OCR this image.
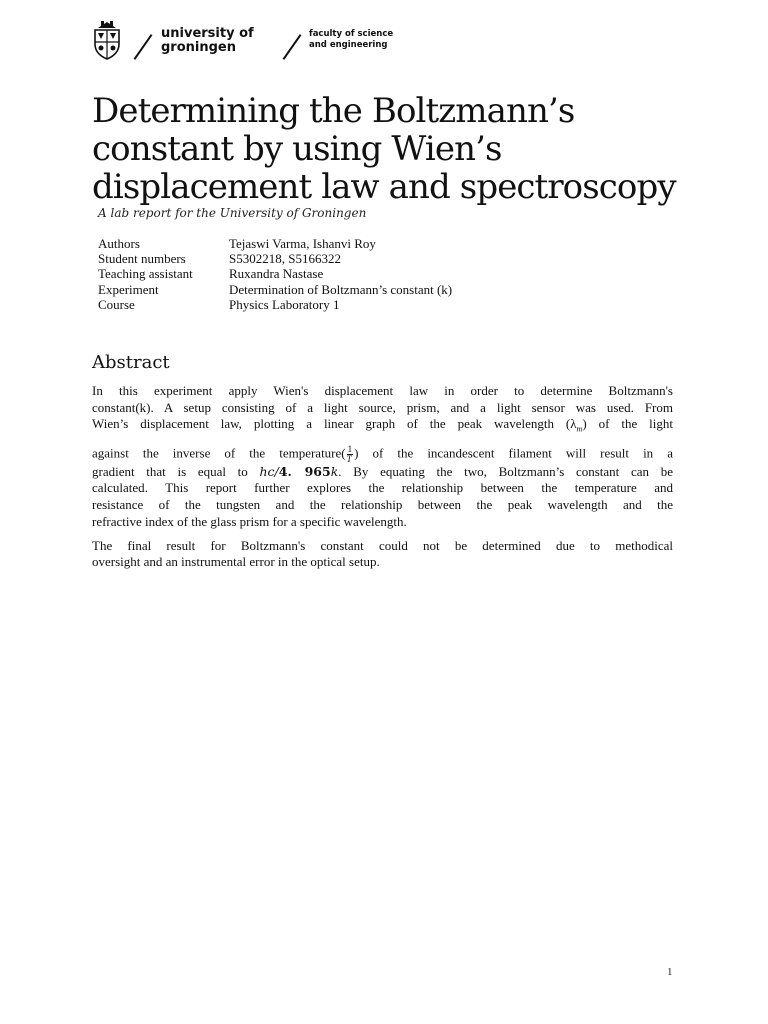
university of
groningen
faculty of science
and engineering
Determining the Boltzmann’s
constant by using Wien’s
displacement law and spectroscopy
A lab report for the University of Groningen
Authors	Tejaswi Varma, Ishanvi Roy
Student numbers	S5302218, S5166322
Teaching assistant	Ruxandra Nastase
Experiment	Determination of Boltzmann’s constant (k)
Course	Physics Laboratory 1
Abstract

In this experiment apply Wien's displacement law in order to determine Boltzmann's

constant(k). A setup consisting of a light source, prism, and a light sensor was used. From

Wien’s displacement law, plotting a linear graph of the peak wavelength $(\lambda_m)$ of the light

against the inverse of the temperature( $\frac{1}{T}$ ) of the incandescent filament will result in a

gradient that is equal to hc/4. 965k. By equating the two, Boltzmann’s constant can be

calculated. This report further explores the relationship between the temperature and

resistance of the tungsten and the relationship between the peak wavelength and the

refractive index of the glass prism for a specific wavelength.

The final result for Boltzmann's constant could not be determined due to methodical

oversight and an instrumental error in the optical setup.

1
